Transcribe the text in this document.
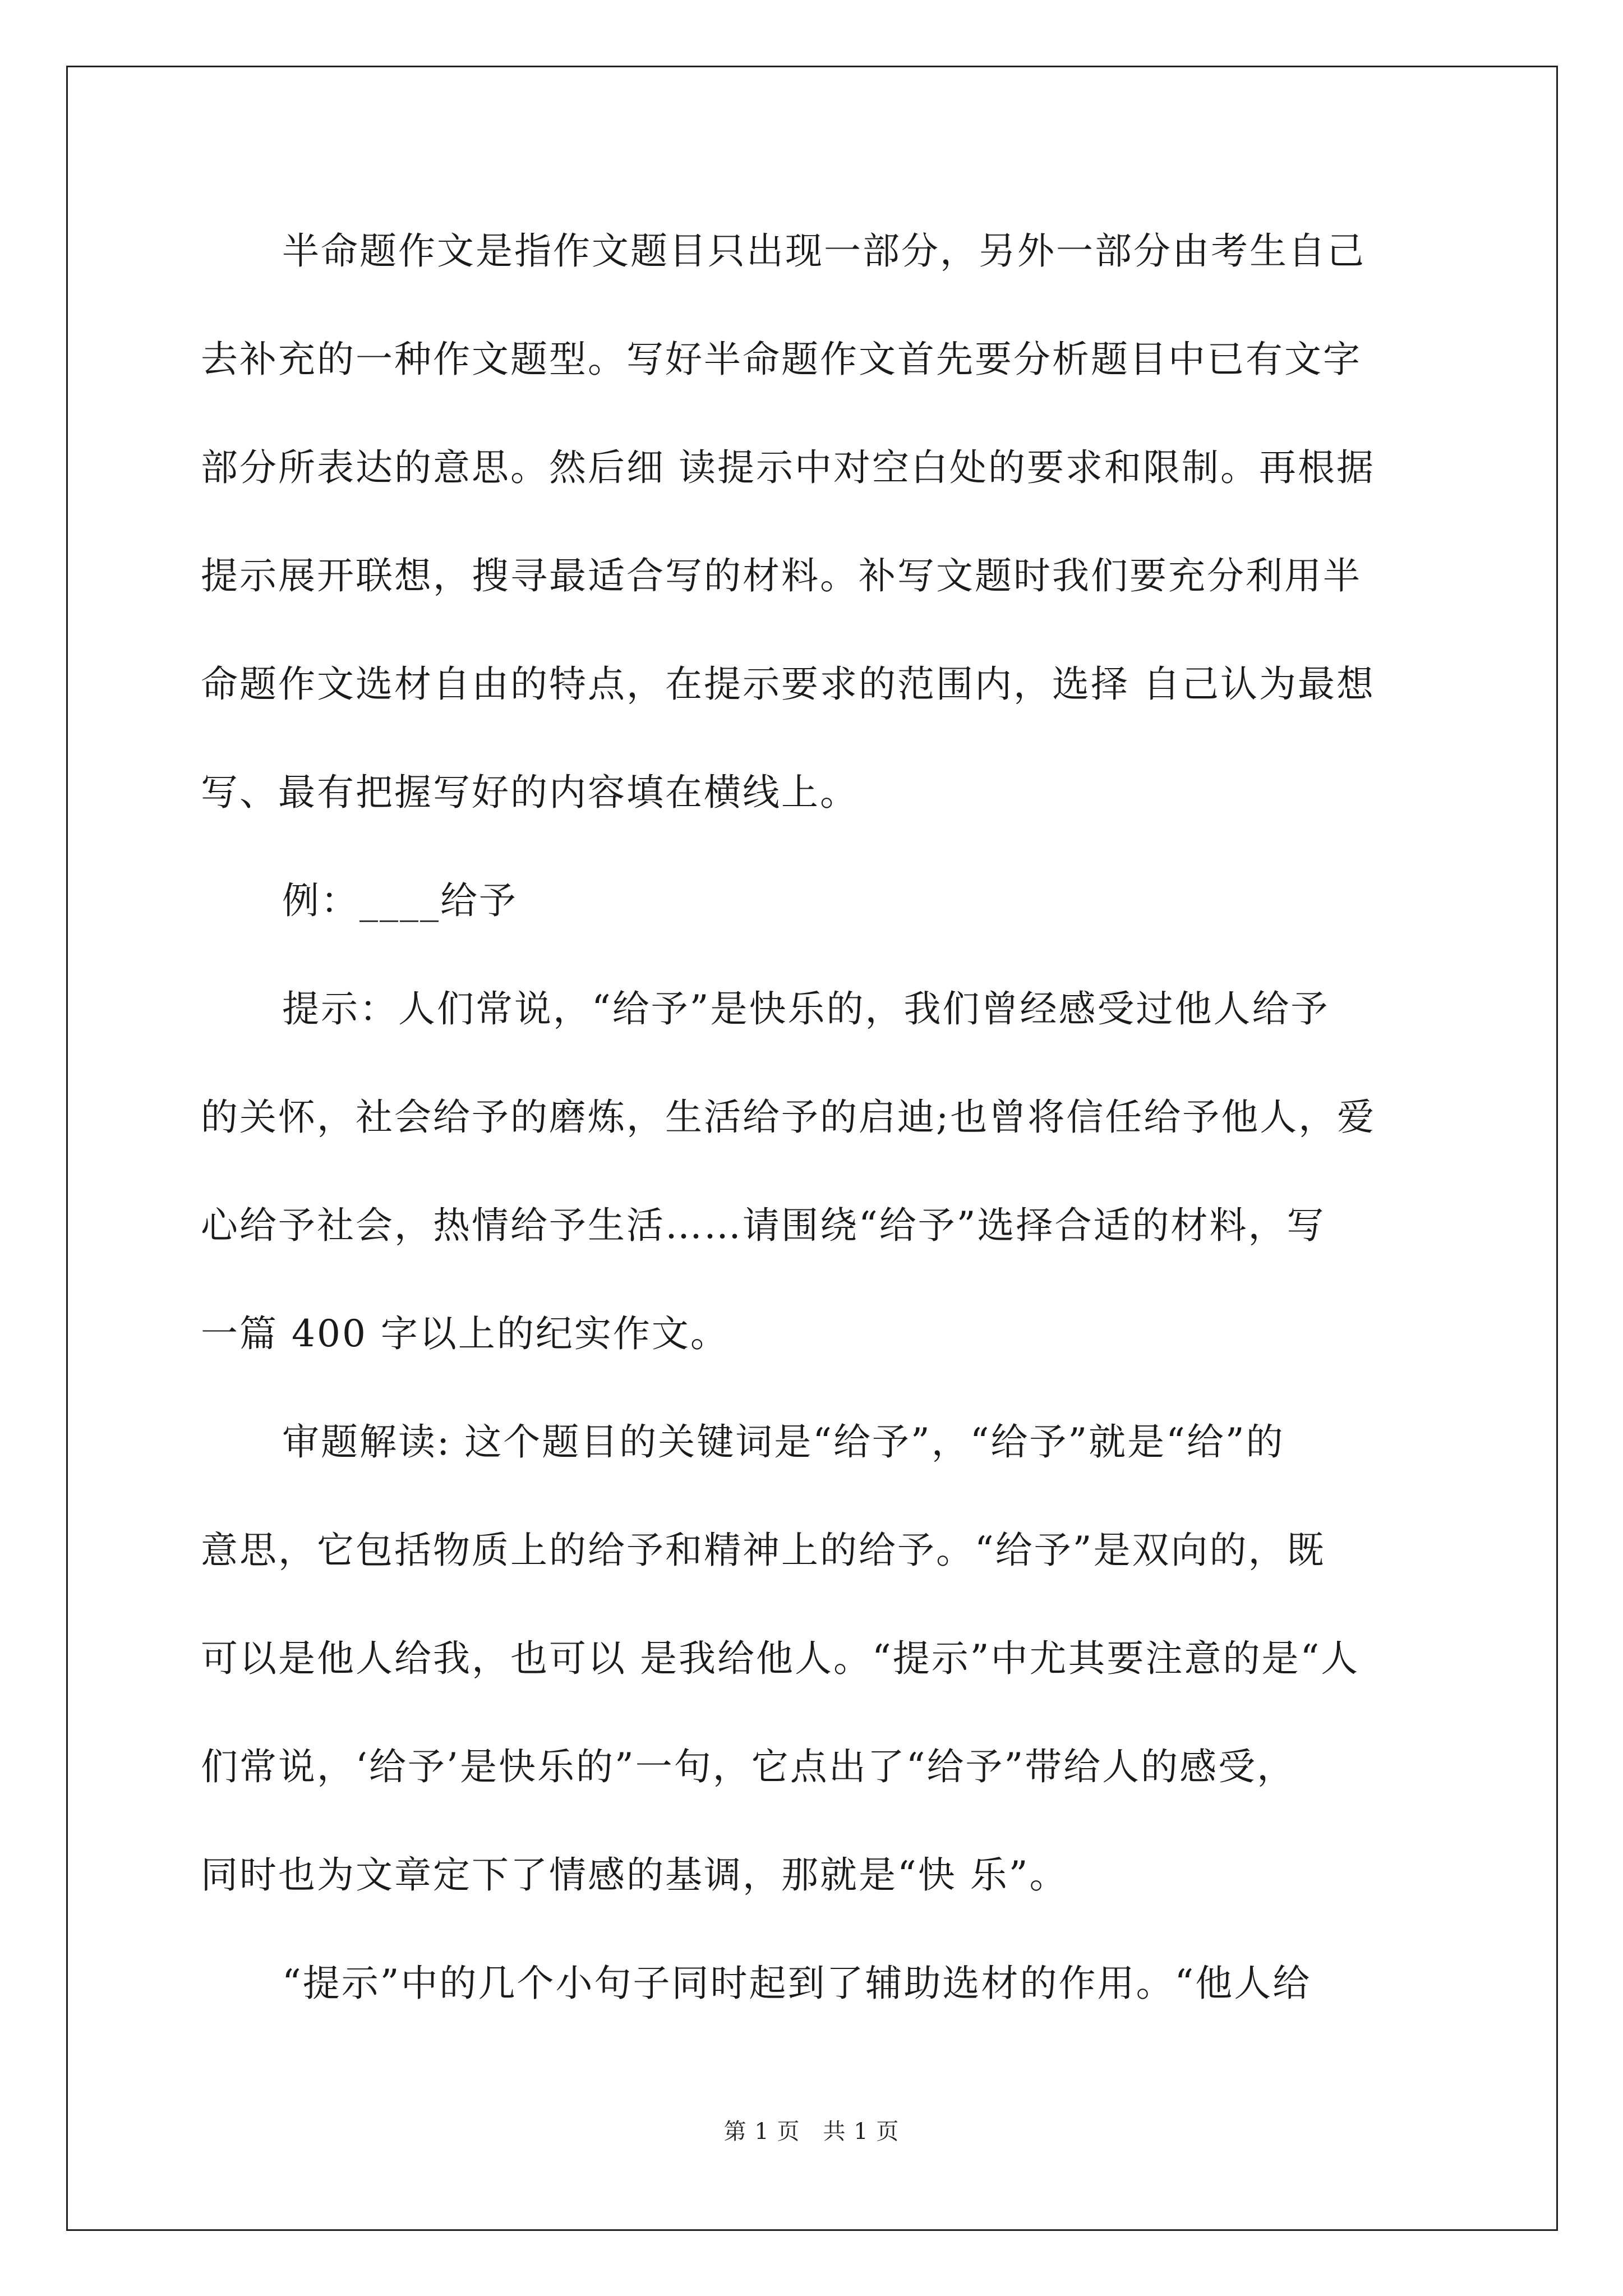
半命题作文是指作文题目只出现一部分，另外一部分由考生自己
去补充的一种作文题型。写好半命题作文首先要分析题目中已有文字
部分所表达的意思。然后细 读提示中对空白处的要求和限制。再根据
提示展开联想，搜寻最适合写的材料。补写文题时我们要充分利用半
命题作文选材自由的特点，在提示要求的范围内，选择 自己认为最想
写、最有把握写好的内容填在横线上。
例：____给予
提示：人们常说，“给予”是快乐的，我们曾经感受过他人给予
的关怀，社会给予的磨炼，生活给予的启迪;也曾将信任给予他人，爱
心给予社会，热情给予生活……请围绕“给予”选择合适的材料，写
一篇 400 字以上的纪实作文。
审题解读: 这个题目的关键词是“给予”，“给予”就是“给”的
意思，它包括物质上的给予和精神上的给予。“给予”是双向的，既
可以是他人给我，也可以 是我给他人。“提示”中尤其要注意的是“人
们常说，‘给予’是快乐的”一句，它点出了“给予”带给人的感受，
同时也为文章定下了情感的基调，那就是“快 乐”。
“提示”中的几个小句子同时起到了辅助选材的作用。“他人给
第 1 页　共 1 页
